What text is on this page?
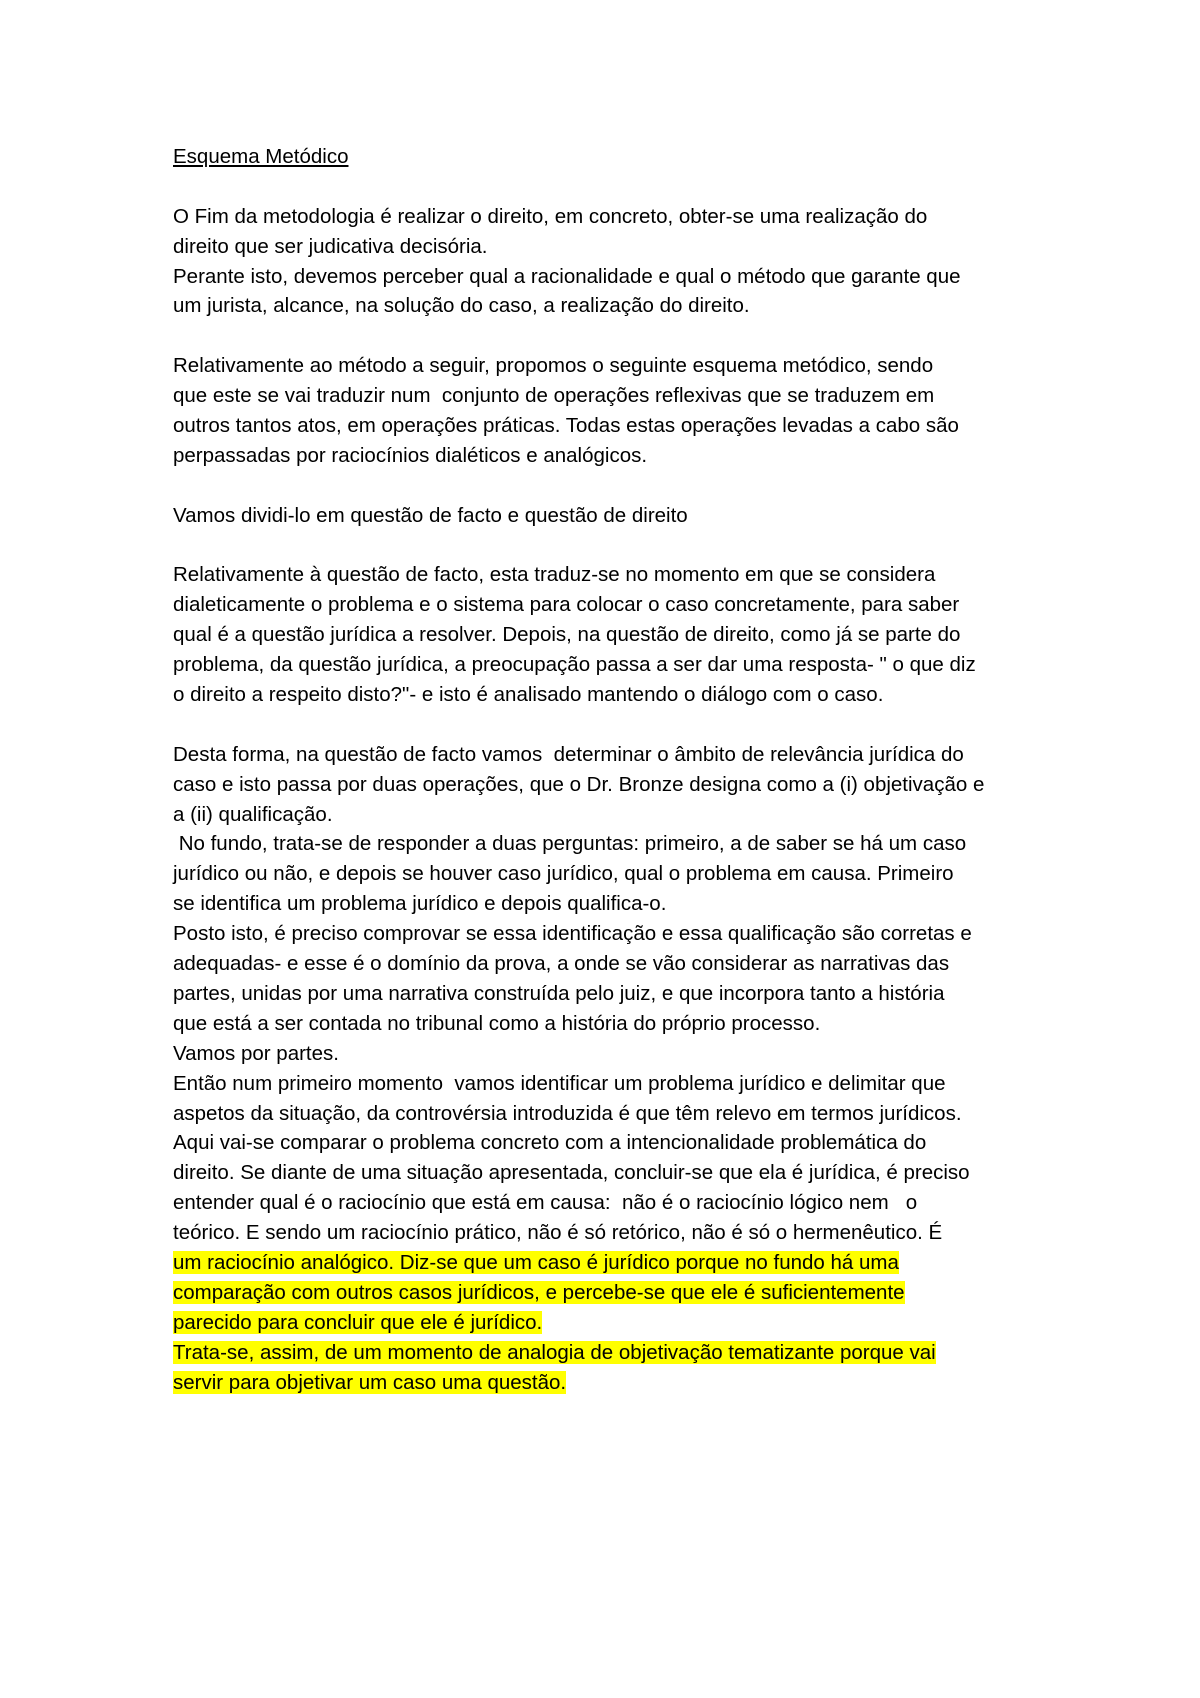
Esquema Metódico
O Fim da metodologia é realizar o direito, em concreto, obter-se uma realização do
direito que ser judicativa decisória.
Perante isto, devemos perceber qual a racionalidade e qual o método que garante que
um jurista, alcance, na solução do caso, a realização do direito.
Relativamente ao método a seguir, propomos o seguinte esquema metódico, sendo
que este se vai traduzir num  conjunto de operações reflexivas que se traduzem em
outros tantos atos, em operações práticas. Todas estas operações levadas a cabo são
perpassadas por raciocínios dialéticos e analógicos.
Vamos dividi-lo em questão de facto e questão de direito
Relativamente à questão de facto, esta traduz-se no momento em que se considera
dialeticamente o problema e o sistema para colocar o caso concretamente, para saber
qual é a questão jurídica a resolver. Depois, na questão de direito, como já se parte do
problema, da questão jurídica, a preocupação passa a ser dar uma resposta- " o que diz
o direito a respeito disto?"- e isto é analisado mantendo o diálogo com o caso.
Desta forma, na questão de facto vamos  determinar o âmbito de relevância jurídica do
caso e isto passa por duas operações, que o Dr. Bronze designa como a (i) objetivação e
a (ii) qualificação.
No fundo, trata-se de responder a duas perguntas: primeiro, a de saber se há um caso
jurídico ou não, e depois se houver caso jurídico, qual o problema em causa. Primeiro
se identifica um problema jurídico e depois qualifica-o.
Posto isto, é preciso comprovar se essa identificação e essa qualificação são corretas e
adequadas- e esse é o domínio da prova, a onde se vão considerar as narrativas das
partes, unidas por uma narrativa construída pelo juiz, e que incorpora tanto a história
que está a ser contada no tribunal como a história do próprio processo.
Vamos por partes.
Então num primeiro momento  vamos identificar um problema jurídico e delimitar que
aspetos da situação, da controvérsia introduzida é que têm relevo em termos jurídicos.
Aqui vai-se comparar o problema concreto com a intencionalidade problemática do
direito. Se diante de uma situação apresentada, concluir-se que ela é jurídica, é preciso
entender qual é o raciocínio que está em causa:  não é o raciocínio lógico nem   o
teórico. E sendo um raciocínio prático, não é só retórico, não é só o hermenêutico. É
um raciocínio analógico. Diz-se que um caso é jurídico porque no fundo há uma
comparação com outros casos jurídicos, e percebe-se que ele é suficientemente
parecido para concluir que ele é jurídico.
Trata-se, assim, de um momento de analogia de objetivação tematizante porque vai
servir para objetivar um caso uma questão.
